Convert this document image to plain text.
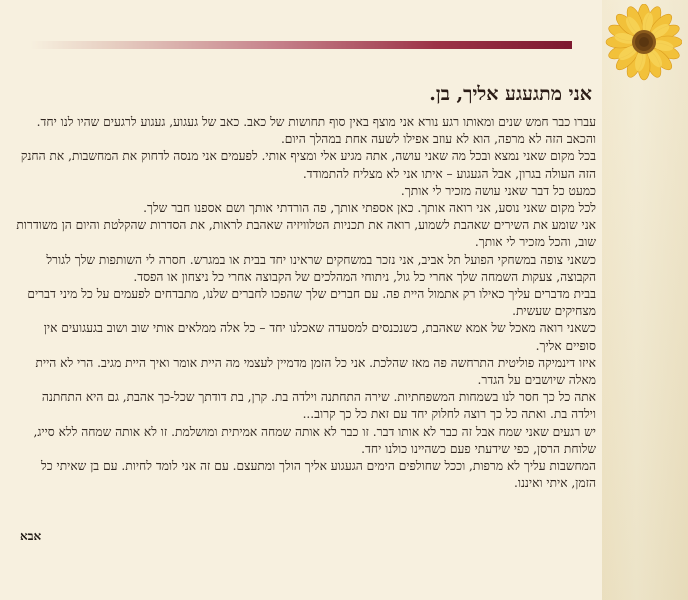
אני מתגעגע אליך, בן.

עברו כבר חמש שנים ומאותו רגע נורא אני מוצף באין סוף תחושות של כאב. כאב של געגוע, געגוע לרגעים שהיו לנו יחד. והכאב הזה לא מרפה, הוא לא עוזב אפילו לשעה אחת במהלך היום.

בכל מקום שאני נמצא ובכל מה שאני עושה, אתה מגיע אלי ומציף אותי. לפעמים אני מנסה לדחוק את המחשבות, את החנק הזה העולה בגרון, אבל הגעגוע – איתו אני לא מצליח להתמודד.

כמעט כל דבר שאני עושה מזכיר לי אותך.

לכל מקום שאני נוסע, אני רואה אותך. כאן אספתי אותך, פה הורדתי אותך ושם אספנו חבר שלך.

אני שומע את השירים שאהבת לשמוע, רואה את תכניות הטלוויזיה שאהבת לראות, את הסדרות שהקלטת והיום הן משודרות שוב, והכל מזכיר לי אותך.

כשאני צופה במשחקי הפועל תל אביב, אני נזכר במשחקים שראינו יחד בבית או במגרש. חסרה לי השותפות שלך לגורל הקבוצה, צעקות השמחה שלך אחרי כל גול, ניתוחי המהלכים של הקבוצה אחרי כל ניצחון או הפסד.

בבית מדברים עליך כאילו רק אתמול היית פה. עם חברים שלך שהפכו לחברים שלנו, מתבדחים לפעמים על כל מיני דברים מצחיקים שעשית.

כשאני רואה מאכל של אמא שאהבת, כשנכנסים למסעדה שאכלנו יחד – כל אלה ממלאים אותי שוב ושוב בגעגועים אין סופיים אליך.

איזו דינמיקה פוליטית התרחשה פה מאז שהלכת. אני כל הזמן מדמיין לעצמי מה היית אומר ואיך היית מגיב. הרי לא היית מאלה שיושבים על הגדר.

אתה כל כך חסר לנו בשמחות המשפחתיות. שירה התחתנה וילדה בת. קרן, בת דודתך שכל-כך אהבת, גם היא התחתנה וילדה בת. ואתה כל כך רוצה לחלוק יחד עם זאת כל כך קרוב...

יש רגעים שאני שמח אבל זה כבר לא אותו דבר. זו כבר לא אותה שמחה אמיתית ומושלמת. זו לא אותה שמחה ללא סייג, שלוחת הרסן, כפי שידעתי פעם כשהיינו כולנו יחד.

המחשבות עליך לא מרפות, וככל שחולפים הימים הגעגוע אליך הולך ומתעצם. עם זה אני לומד לחיות. עם בן שאיתי כל הזמן, איתי ואיננו.

אבא
